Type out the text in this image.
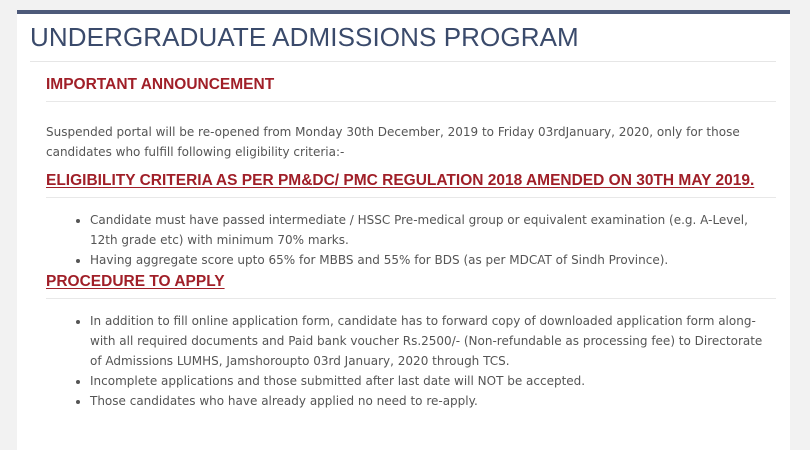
UNDERGRADUATE ADMISSIONS PROGRAM
IMPORTANT ANNOUNCEMENT

Suspended portal will be re-opened from Monday 30th December, 2019 to Friday 03rdJanuary, 2020, only for those candidates who fulfill following eligibility criteria:-

ELIGIBILITY CRITERIA AS PER PM&DC/ PMC REGULATION 2018 AMENDED ON 30TH MAY 2019.
• Candidate must have passed intermediate / HSSC Pre-medical group or equivalent examination (e.g. A-Level, 12th grade etc) with minimum 70% marks.
• Having aggregate score upto 65% for MBBS and 55% for BDS (as per MDCAT of Sindh Province).
PROCEDURE TO APPLY
• In addition to fill online application form, candidate has to forward copy of downloaded application form along-with all required documents and Paid bank voucher Rs.2500/- (Non-refundable as processing fee) to Directorate of Admissions LUMHS, Jamshoroupto 03rd January, 2020 through TCS.
• Incomplete applications and those submitted after last date will NOT be accepted.
• Those candidates who have already applied no need to re-apply.
